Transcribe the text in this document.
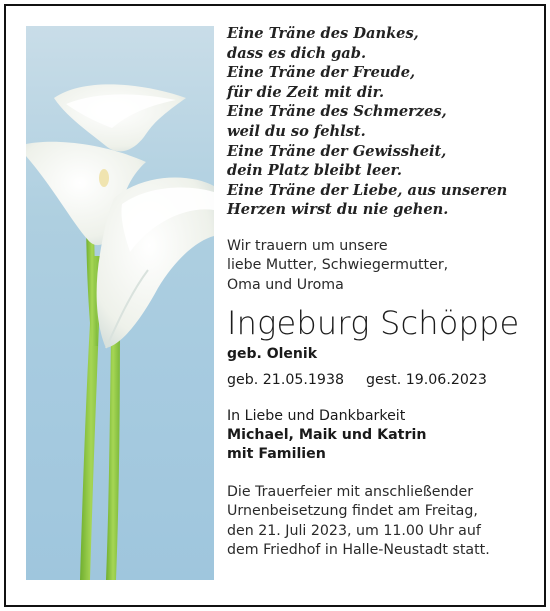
Eine Träne des Dankes,
dass es dich gab.
Eine Träne der Freude,
für die Zeit mit dir.
Eine Träne des Schmerzes,
weil du so fehlst.
Eine Träne der Gewissheit,
dein Platz bleibt leer.
Eine Träne der Liebe, aus unseren
Herzen wirst du nie gehen.
Wir trauern um unsere
liebe Mutter, Schwiegermutter,
Oma und Uroma
Ingeburg Schöppe
geb. Olenik
geb. 21.05.1938 gest. 19.06.2023
In Liebe und Dankbarkeit
Michael, Maik und Katrin
mit Familien
Die Trauerfeier mit anschließender
Urnenbeisetzung findet am Freitag,
den 21. Juli 2023, um 11.00 Uhr auf
dem Friedhof in Halle-Neustadt statt.
